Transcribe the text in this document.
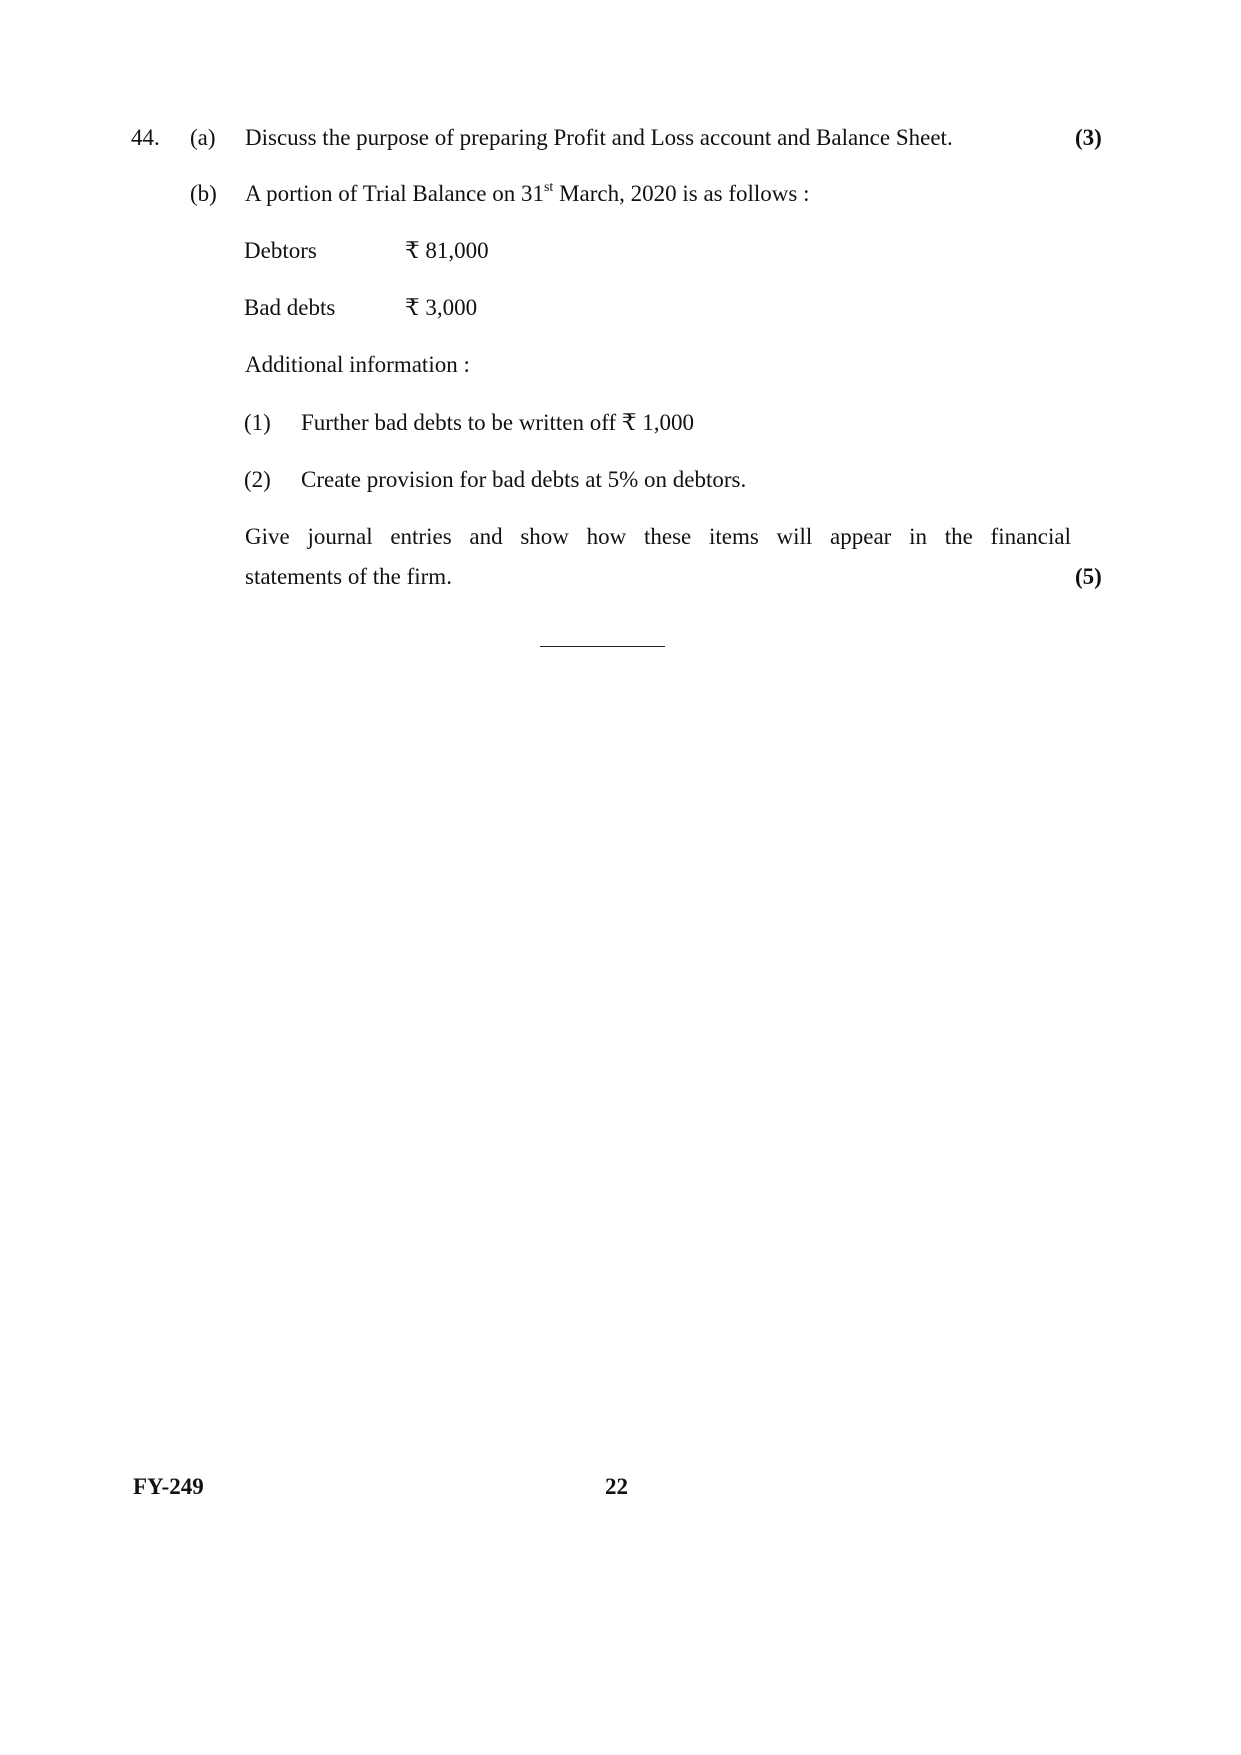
44. (a) Discuss the purpose of preparing Profit and Loss account and Balance Sheet.	(3)
(b) A portion of Trial Balance on 31st March, 2020 is as follows :
Debtors	₹ 81,000
Bad debts	₹ 3,000
Additional information :
(1) Further bad debts to be written off ₹ 1,000
(2) Create provision for bad debts at 5% on debtors.
Give journal entries and show how these items will appear in the financial
statements of the firm.	(5)
FY-249	22
